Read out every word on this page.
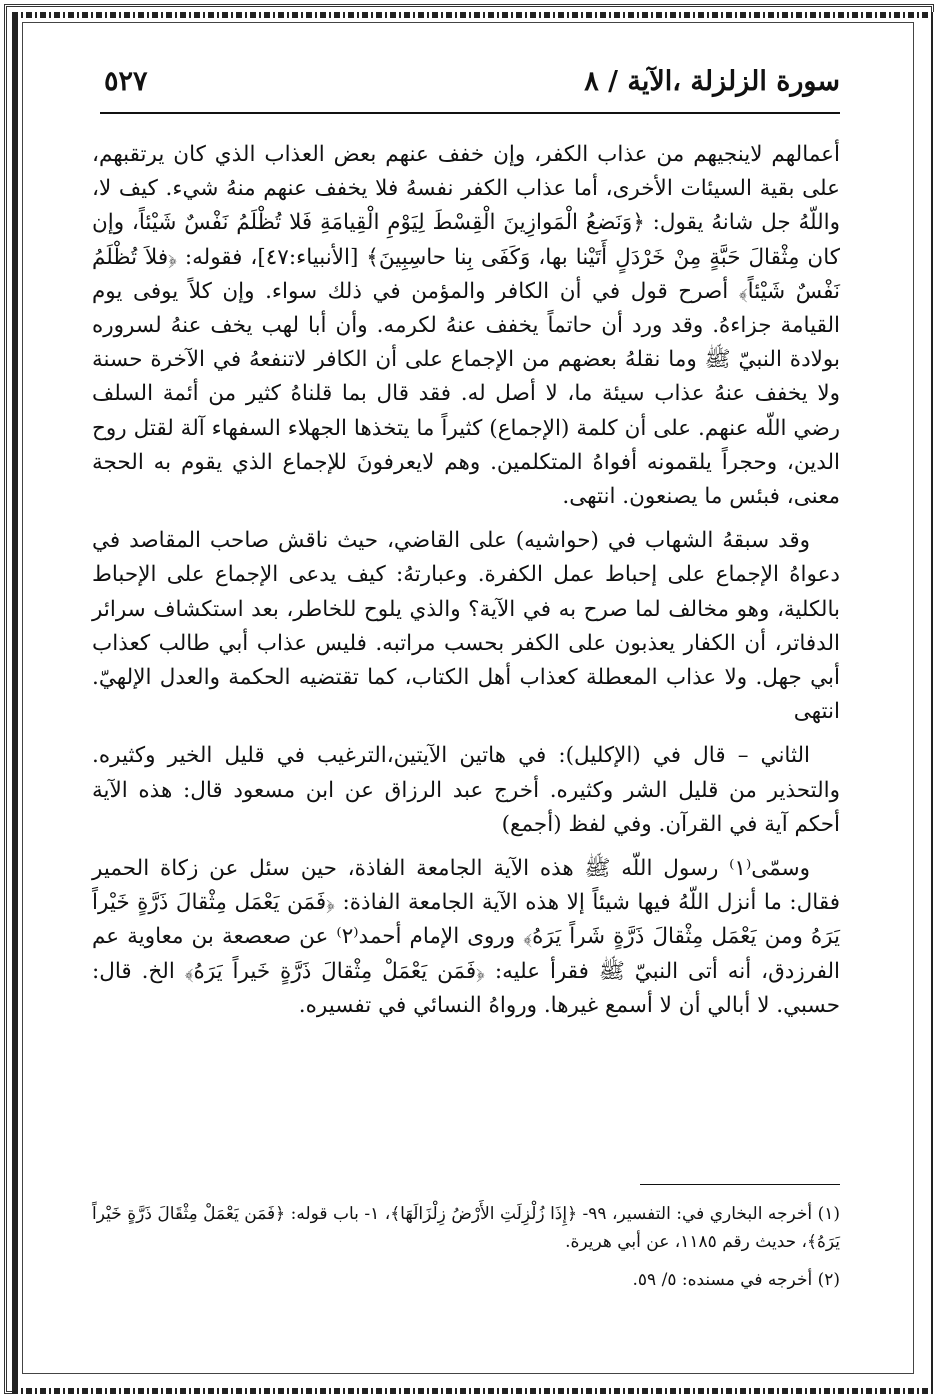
سورة الزلزلة ،الآية / ٨
٥٢٧

أعمالهم لاينجيهم من عذاب الكفر، وإن خفف عنهم بعض العذاب الذي كان يرتقبهم، على بقية السيئات الأخرى، أما عذاب الكفر نفسهُ فلا يخفف عنهم منهُ شيء. كيف لا، واللّهُ جل شانهُ يقول: ﴿وَنَضعُ الْمَوازِينَ الْقِسْطَ لِيَوْمِ الْقِيامَةِ فَلا تُظْلَمُ نَفْسٌ شَيْئاً، وإن كان مِثْقالَ حَبَّةٍ مِنْ خَرْدَلٍ أَتَيْنا بها، وَكَفَى بِنا حاسِبِينَ﴾ [الأنبياء:٤٧]، فقوله: ﴿فلاَ تُظْلَمُ نَفْسٌ شَيْئاً﴾ أصرح قول في أن الكافر والمؤمن في ذلك سواء. وإن كلاً يوفى يوم القيامة جزاءهُ. وقد ورد أن حاتماً يخفف عنهُ لكرمه. وأن أبا لهب يخف عنهُ لسروره بولادة النبيّ ﷺ وما نقلهُ بعضهم من الإجماع على أن الكافر لاتنفعهُ في الآخرة حسنة ولا يخفف عنهُ عذاب سيئة ما، لا أصل له. فقد قال بما قلناهُ كثير من أئمة السلف رضي اللّه عنهم. على أن كلمة (الإجماع) كثيراً ما يتخذها الجهلاء السفهاء آلة لقتل روح الدين، وحجراً يلقمونه أفواهُ المتكلمين. وهم لايعرفونَ للإجماع الذي يقوم به الحجة معنى، فبئس ما يصنعون. انتهى.

وقد سبقهُ الشهاب في (حواشيه) على القاضي، حيث ناقش صاحب المقاصد في دعواهُ الإجماع على إحباط عمل الكفرة. وعبارتهُ: كيف يدعى الإجماع على الإحباط بالكلية، وهو مخالف لما صرح به في الآية؟ والذي يلوح للخاطر، بعد استكشاف سرائر الدفاتر، أن الكفار يعذبون على الكفر بحسب مراتبه. فليس عذاب أبي طالب كعذاب أبي جهل. ولا عذاب المعطلة كعذاب أهل الكتاب، كما تقتضيه الحكمة والعدل الإلهيّ. انتهى

الثاني – قال في (الإكليل): في هاتين الآيتين،الترغيب في قليل الخير وكثيره. والتحذير من قليل الشر وكثيره. أخرج عبد الرزاق عن ابن مسعود قال: هذه الآية أحكم آية في القرآن. وفي لفظ (أجمع)

وسمّى⁽١⁾ رسول اللّه ﷺ هذه الآية الجامعة الفاذة، حين سئل عن زكاة الحمير فقال: ما أنزل اللّهُ فيها شيئاً إلا هذه الآية الجامعة الفاذة: ﴿فَمَن يَعْمَل مِثْقالَ ذَرَّةٍ خَيْراً يَرَهُ ومن يَعْمَل مِثْقالَ ذَرَّةٍ شَراً يَرَهُ﴾ وروى الإمام أحمد⁽٢⁾ عن صعصعة بن معاوية عم الفرزدق، أنه أتى النبيّ ﷺ فقرأ عليه: ﴿فَمَن يَعْمَلْ مِثْقالَ ذَرَّةٍ خَيراً يَرَهُ﴾ الخ. قال: حسبي. لا أبالي أن لا أسمع غيرها. ورواهُ النسائي في تفسيره.

(١) أخرجه البخاري في: التفسير، ٩٩- ﴿إِذَا زُلْزِلَتِ الأَرْضُ زِلْزَالَهَا﴾، ١- باب قوله: ﴿فَمَن يَعْمَلْ مِثْقَالَ ذَرَّةٍ خَيْراً يَرَهُ﴾، حديث رقم ١١٨٥، عن أبي هريرة.

(٢) أخرجه في مسنده: ٥/ ٥٩.
